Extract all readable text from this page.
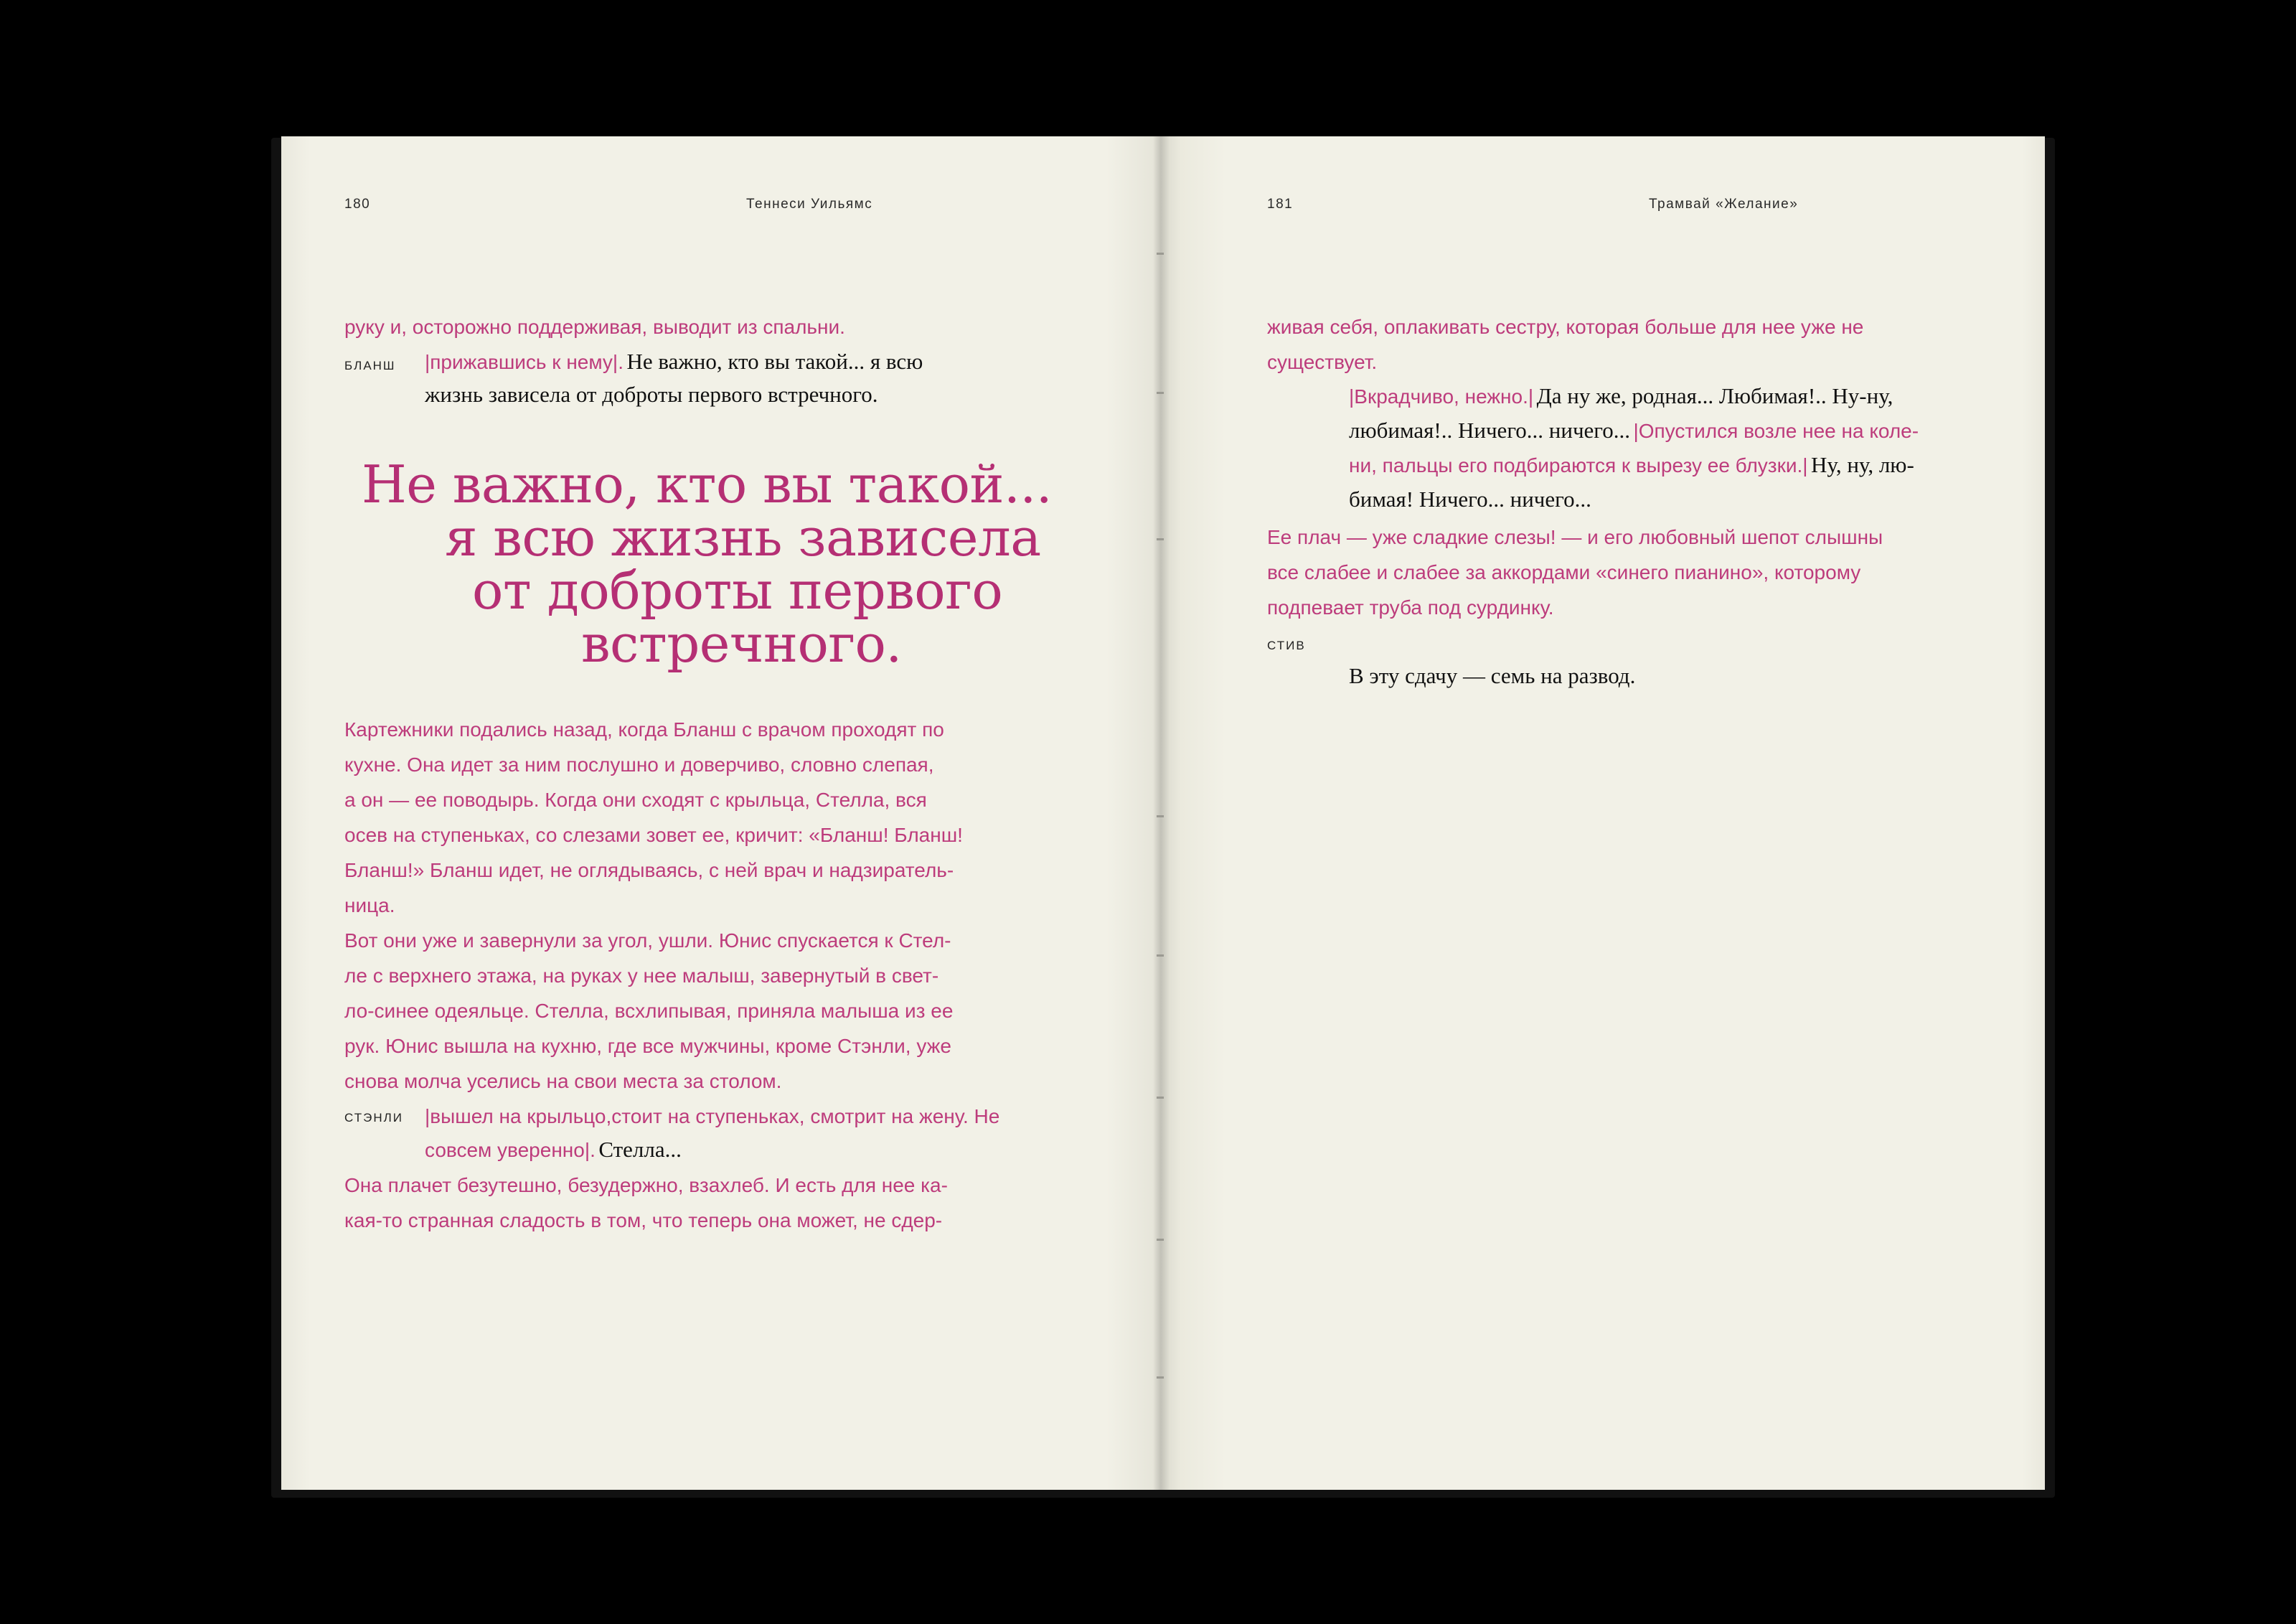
180	Теннеси Уильямс
руку и, осторожно поддерживая, выводит из спальни.
БЛАНШ |прижавшись к нему|. Не важно, кто вы такой... я всю
жизнь зависела от доброты первого встречного.
Не важно, кто вы такой...
я всю жизнь зависела
от доброты первого
встречного.
Картежники подались назад, когда Бланш с врачом проходят по
кухне. Она идет за ним послушно и доверчиво, словно слепая,
а он — ее поводырь. Когда они сходят с крыльца, Стелла, вся
осев на ступеньках, со слезами зовет ее, кричит: «Бланш! Бланш!
Бланш!» Бланш идет, не оглядываясь, с ней врач и надзиратель-
ница.
Вот они уже и завернули за угол, ушли. Юнис спускается к Стел-
ле с верхнего этажа, на руках у нее малыш, завернутый в свет-
ло-синее одеяльце. Стелла, всхлипывая, приняла малыша из ее
рук. Юнис вышла на кухню, где все мужчины, кроме Стэнли, уже
снова молча уселись на свои места за столом.
СТЭНЛИ |вышел на крыльцо,стоит на ступеньках, смотрит на жену. Не
совсем уверенно|. Стелла...
Она плачет безутешно, безудержно, взахлеб. И есть для нее ка-
кая-то странная сладость в том, что теперь она может, не сдер-
181	Трамвай «Желание»
живая себя, оплакивать сестру, которая больше для нее уже не
существует.
|Вкрадчиво, нежно.| Да ну же, родная... Любимая!.. Ну-ну,
любимая!.. Ничего... ничего... |Опустился возле нее на коле-
ни, пальцы его подбираются к вырезу ее блузки.| Ну, ну, лю-
бимая! Ничего... ничего...
Ее плач — уже сладкие слезы! — и его любовный шепот слышны
все слабее и слабее за аккордами «синего пианино», которому
подпевает труба под сурдинку.
СТИВ
В эту сдачу — семь на развод.
